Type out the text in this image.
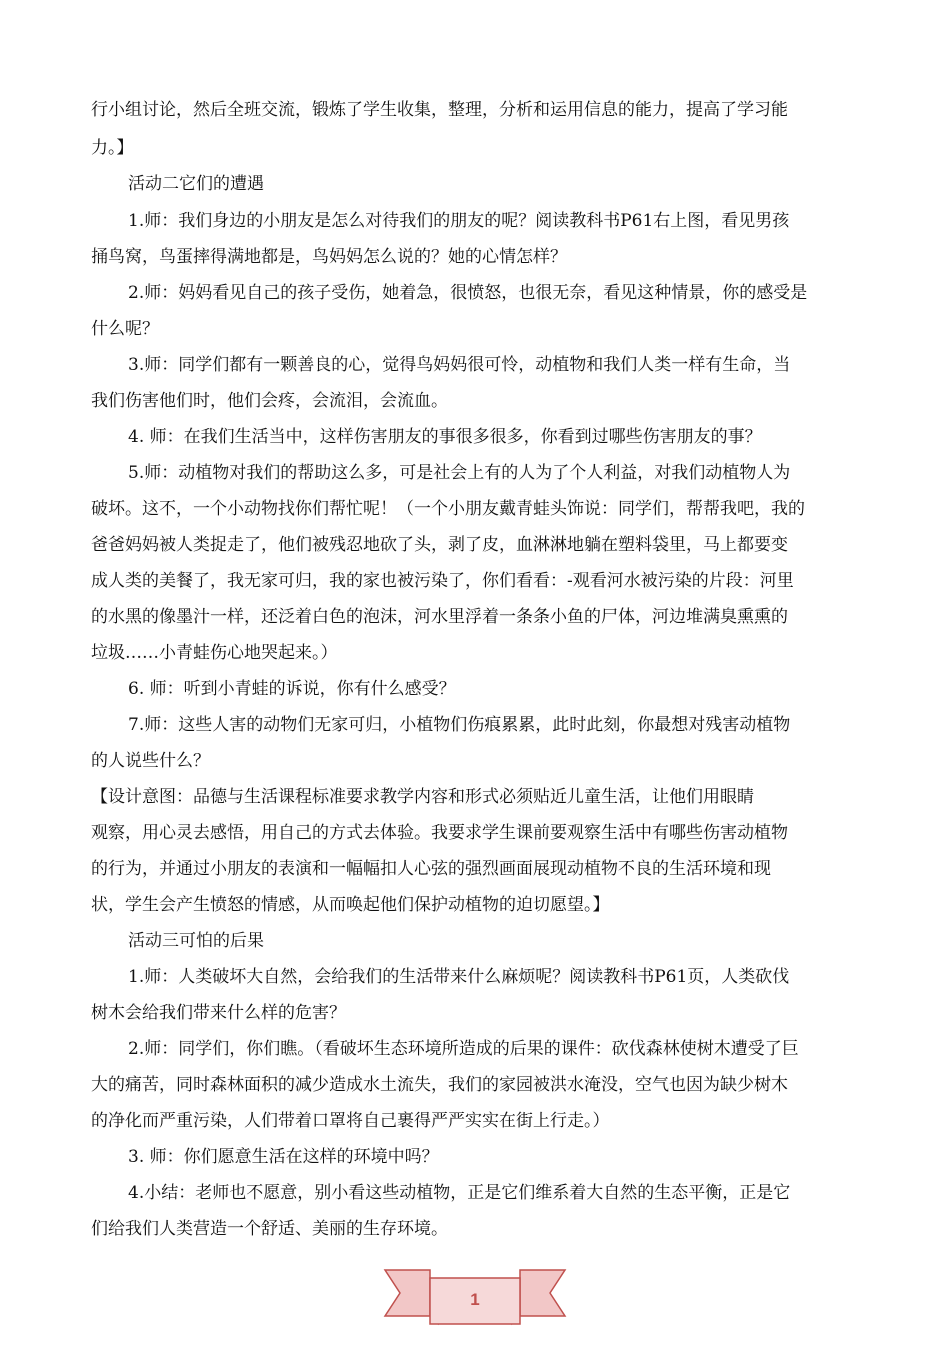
行小组讨论，然后全班交流，锻炼了学生收集，整理，分析和运用信息的能力，提高了学习能
力。】
活动二它们的遭遇
1.师：我们身边的小朋友是怎么对待我们的朋友的呢？阅读教科书P61右上图，看见男孩
捅鸟窝，鸟蛋摔得满地都是，鸟妈妈怎么说的？她的心情怎样？
2.师：妈妈看见自己的孩子受伤，她着急，很愤怒，也很无奈，看见这种情景，你的感受是
什么呢？
3.师：同学们都有一颗善良的心，觉得鸟妈妈很可怜，动植物和我们人类一样有生命，当
我们伤害他们时，他们会疼，会流泪，会流血。
4. 师：在我们生活当中，这样伤害朋友的事很多很多，你看到过哪些伤害朋友的事？
5.师：动植物对我们的帮助这么多，可是社会上有的人为了个人利益，对我们动植物人为
破坏。这不，一个小动物找你们帮忙呢！（一个小朋友戴青蛙头饰说：同学们，帮帮我吧，我的
爸爸妈妈被人类捉走了，他们被残忍地砍了头，剥了皮，血淋淋地躺在塑料袋里，马上都要变
成人类的美餐了，我无家可归，我的家也被污染了，你们看看：-观看河水被污染的片段：河里
的水黑的像墨汁一样，还泛着白色的泡沫，河水里浮着一条条小鱼的尸体，河边堆满臭熏熏的
垃圾……小青蛙伤心地哭起来。）
6. 师：听到小青蛙的诉说，你有什么感受？
7.师：这些人害的动物们无家可归，小植物们伤痕累累，此时此刻，你最想对残害动植物
的人说些什么？
【设计意图：品德与生活课程标准要求教学内容和形式必须贴近儿童生活，让他们用眼睛
观察，用心灵去感悟，用自己的方式去体验。我要求学生课前要观察生活中有哪些伤害动植物
的行为，并通过小朋友的表演和一幅幅扣人心弦的强烈画面展现动植物不良的生活环境和现
状，学生会产生愤怒的情感，从而唤起他们保护动植物的迫切愿望。】
活动三可怕的后果
1.师：人类破坏大自然，会给我们的生活带来什么麻烦呢？阅读教科书P61页，人类砍伐
树木会给我们带来什么样的危害？
2.师：同学们，你们瞧。（看破坏生态环境所造成的后果的课件：砍伐森林使树木遭受了巨
大的痛苦，同时森林面积的减少造成水土流失，我们的家园被洪水淹没，空气也因为缺少树木
的净化而严重污染，人们带着口罩将自己裹得严严实实在街上行走。）
3. 师：你们愿意生活在这样的环境中吗？
4.小结：老师也不愿意，别小看这些动植物，正是它们维系着大自然的生态平衡，正是它
们给我们人类营造一个舒适、美丽的生存环境。
1
